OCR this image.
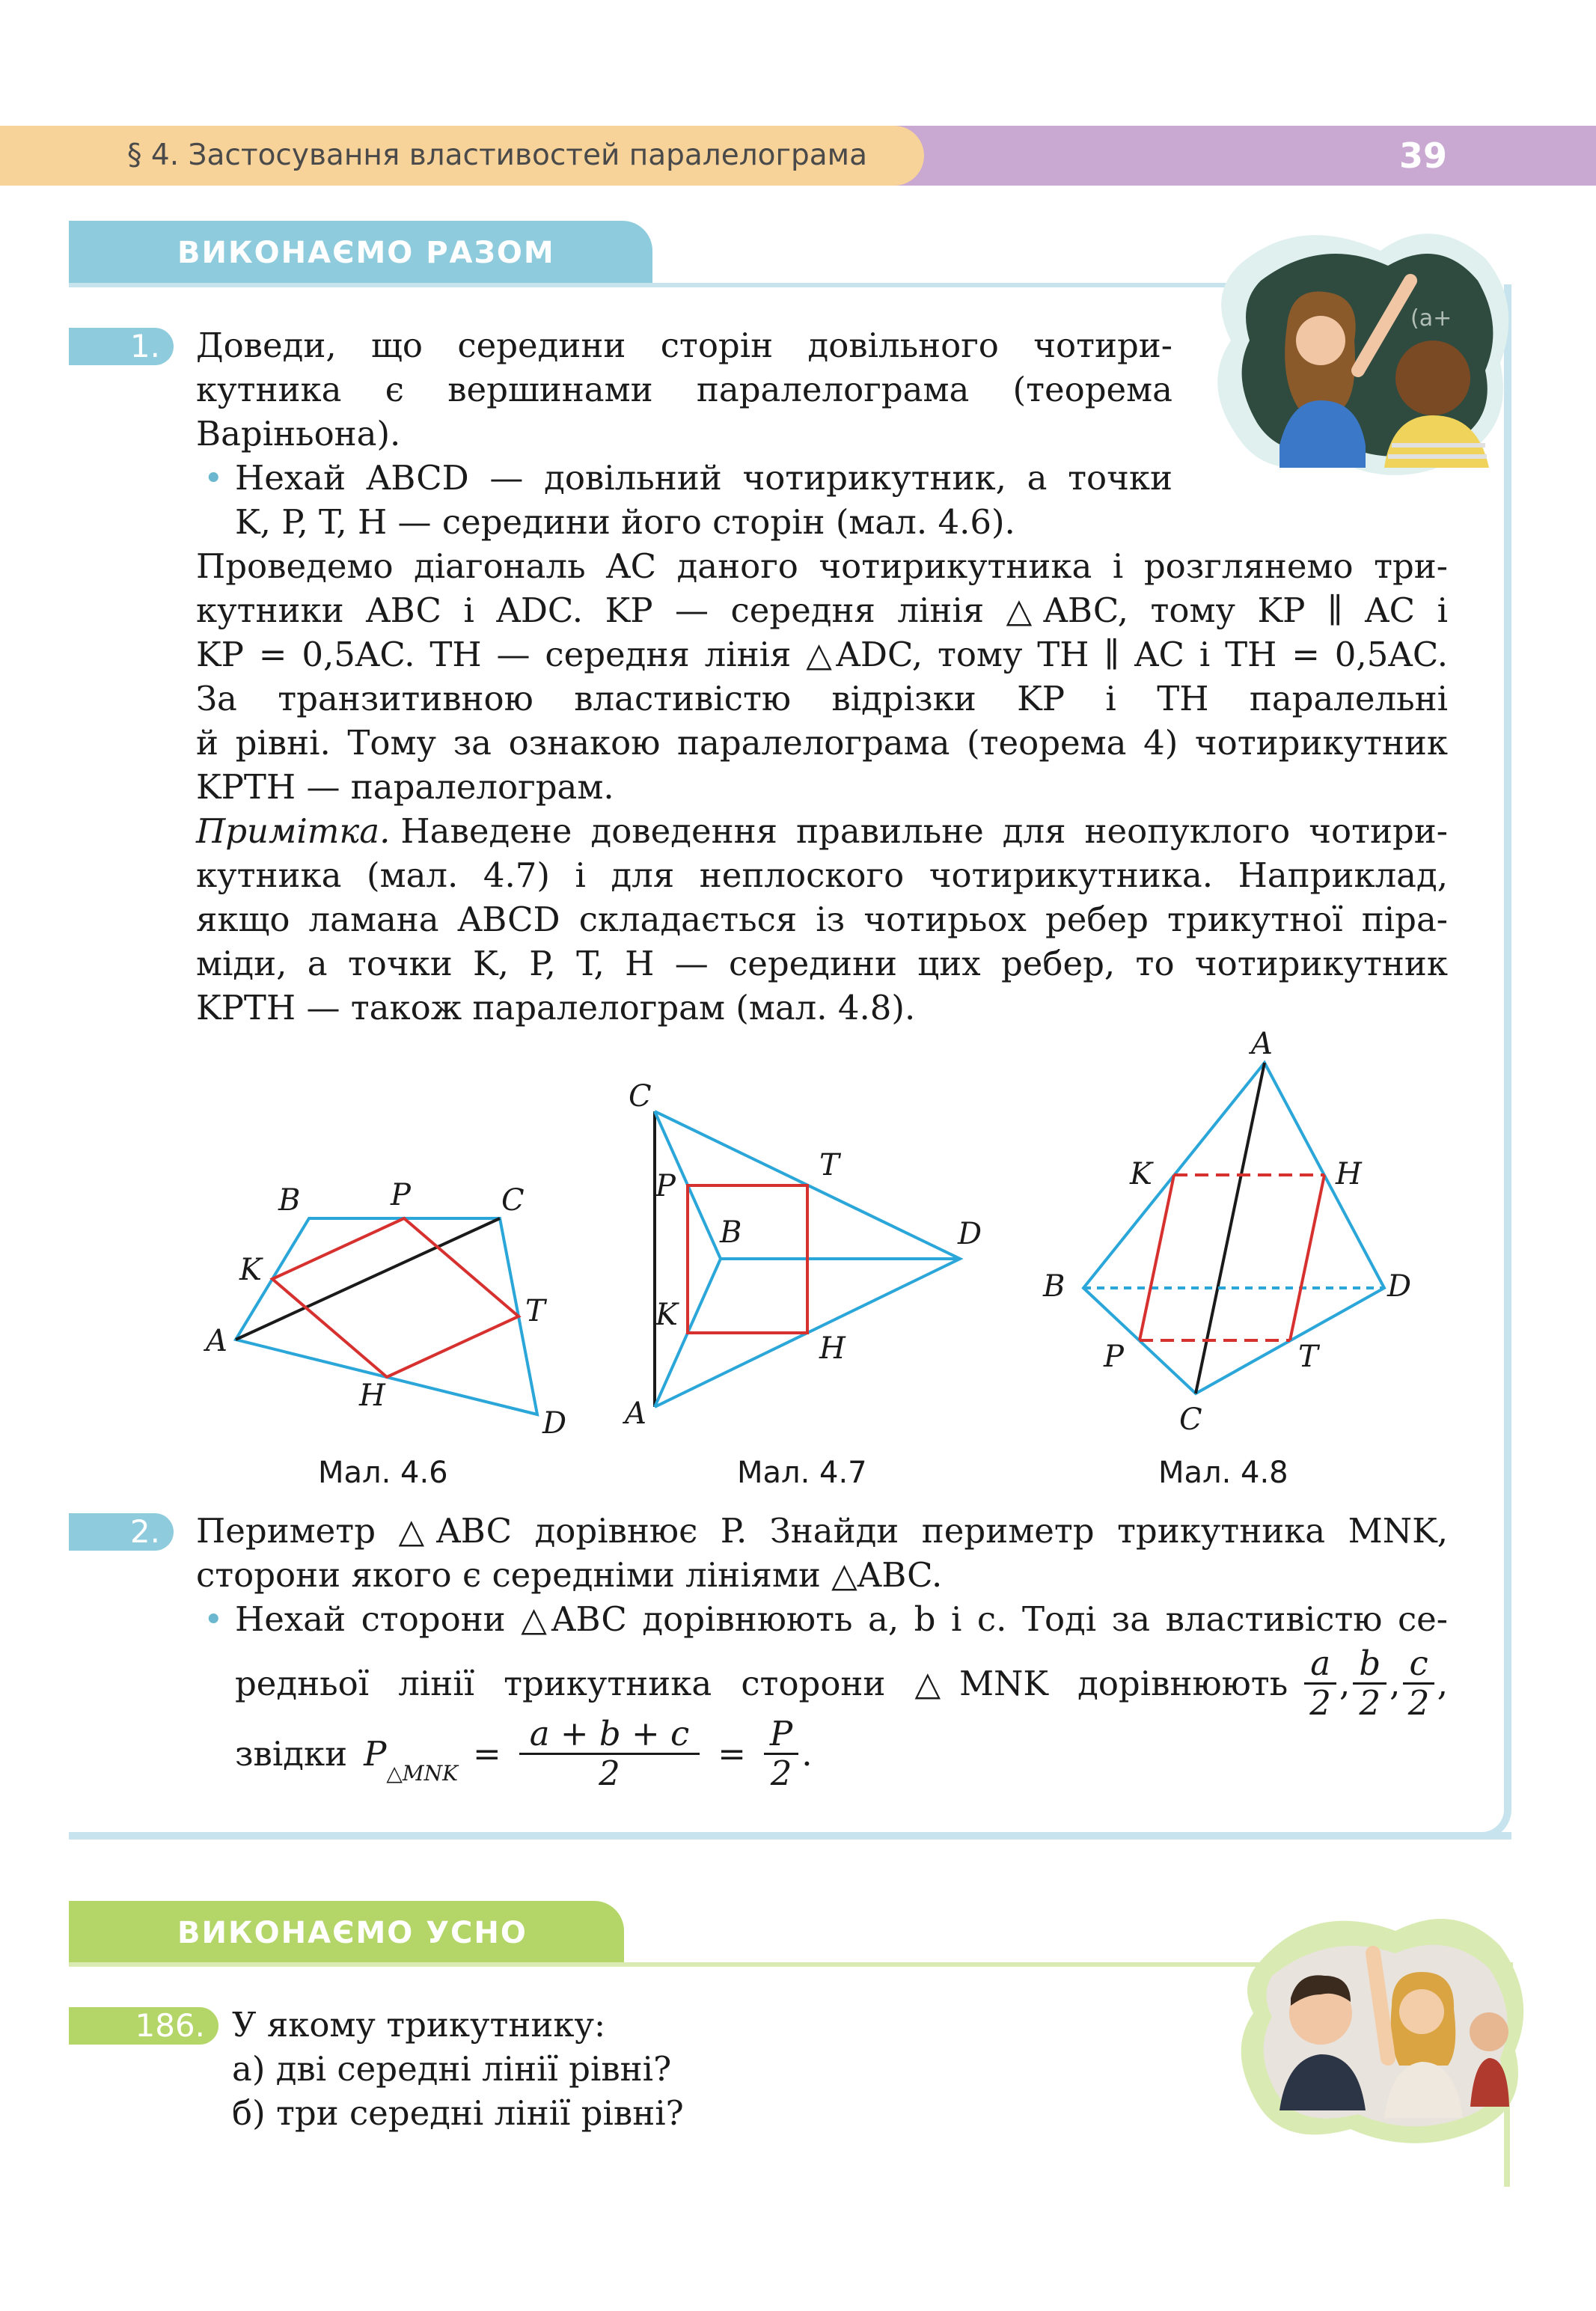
§ 4. Застосування властивостей паралелограма	39
ВИКОНАЄМО РАЗОМ
(a+
1.	Доведи, що середини сторін довільного чотири-
кутника є вершинами паралелограма (теорема
Варіньона).
• Нехай ABCD — довільний чотирикутник, а точки
K, P, T, H — середини його сторін (мал. 4.6).
Проведемо діагональ AC даного чотирикутника і розглянемо три-
кутники ABC і ADC. KP — середня лінія △ABC, тому KP ∥ AC і
KP = 0,5AC. TH — середня лінія △ADC, тому TH ∥ AC і TH = 0,5AC.
За транзитивною властивістю відрізки KP і TH паралельні
й рівні. Тому за ознакою паралелограма (теорема 4) чотирикутник
KPTH — паралелограм.
Примітка. Наведене доведення правильне для неопуклого чотири-
кутника (мал. 4.7) і для неплоского чотирикутника. Наприклад,
якщо ламана ABCD складається із чотирьох ребер трикутної піра-
міди, а точки K, P, T, H — середини цих ребер, то чотирикутник
KPTH — також паралелограм (мал. 4.8).
A
B	C
D
K
P
T
H
Мал. 4.6
C
A
B	D
P
K
T
H
Мал. 4.7
A
B	D
C
K	H
P	T
Мал. 4.8
2.	Периметр △ABC дорівнює P. Знайди периметр трикутника MNK,
сторони якого є середніми лініями △ABC.
• Нехай сторони △ABC дорівнюють a, b і c. Тоді за властивістю се-
редньої лінії трикутника сторони △MNK дорівнюють $\frac{a}{2}$ , $\frac{b}{2}$ , $\frac{c}{2}$ ,
звідки P △MNK = $\frac{a + b + c}{2} = \frac{P}{2}$ .
ВИКОНАЄМО УСНО
186. У якому трикутнику:
а) дві середні лінії рівні?
б) три середні лінії рівні?
